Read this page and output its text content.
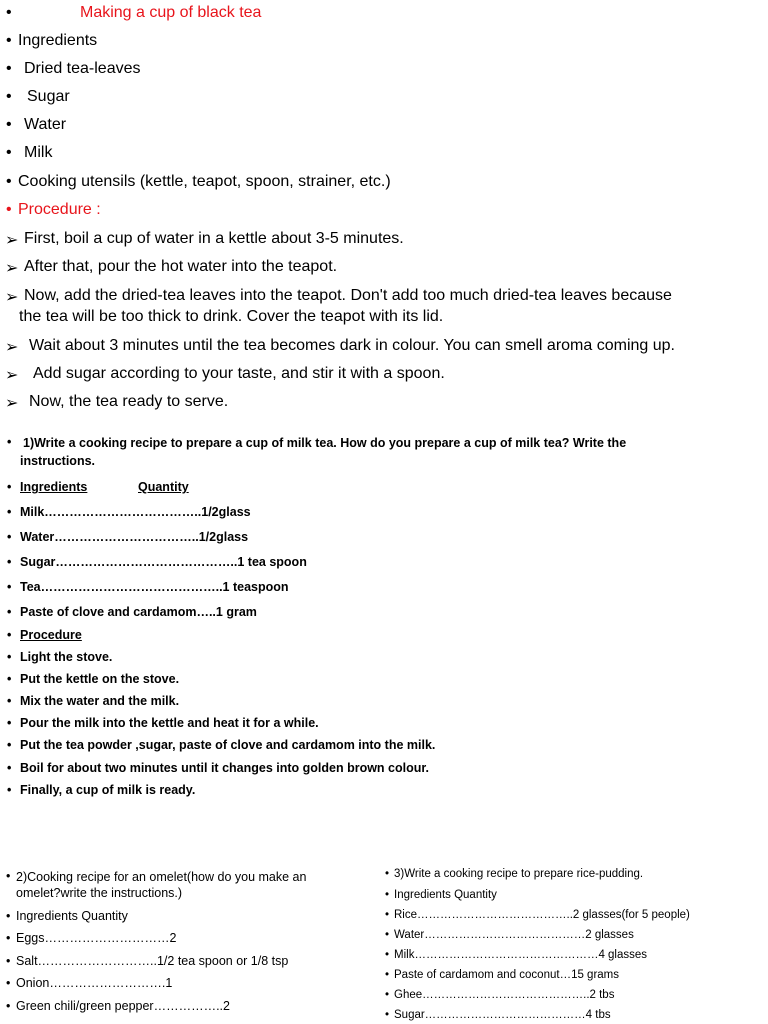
•	Making a cup of black tea
• Ingredients
• Dried tea-leaves
• Sugar
• Water
• Milk
• Cooking utensils (kettle, teapot, spoon, strainer, etc.)
• Procedure :
➢ First, boil a cup of water in a kettle about 3-5 minutes.
➢ After that, pour the hot water into the teapot.
➢ Now, add the dried-tea leaves into the teapot. Don't add too much dried-tea leaves because
the tea will be too thick to drink. Cover the teapot with its lid.
➢ Wait about 3 minutes until the tea becomes dark in colour. You can smell aroma coming up.
➢ Add sugar according to your taste, and stir it with a spoon.
➢ Now, the tea ready to serve.
• 1)Write a cooking recipe to prepare a cup of milk tea. How do you prepare a cup of milk tea? Write the
instructions.
• Ingredients	Quantity
• Milk………………………………..1/2glass
• Water……………………………..1/2glass
• Sugar……………………………………..1 tea spoon
• Tea……………………………………..1 teaspoon
• Paste of clove and cardamom…..1 gram
• Procedure
• Light the stove.
• Put the kettle on the stove.
• Mix the water and the milk.
• Pour the milk into the kettle and heat it for a while.
• Put the tea powder ,sugar, paste of clove and cardamom into the milk.
• Boil for about two minutes until it changes into golden brown colour.
• Finally, a cup of milk is ready.
• 2)Cooking recipe for an omelet(how do you make an
omelet?write the instructions.)
• Ingredients Quantity
• Eggs…………………………2
• Salt………………………..1/2 tea spoon or 1/8 tsp
• Onion……………………….1
• Green chili/green pepper……………..2
• 3)Write a cooking recipe to prepare rice-pudding.
• Ingredients Quantity
• Rice…………………………………..2 glasses(for 5 people)
• Water……………………………………2 glasses
• Milk…………………………………………4 glasses
• Paste of cardamom and coconut…15 grams
• Ghee……………………………………..2 tbs
• Sugar……………………………………4 tbs
